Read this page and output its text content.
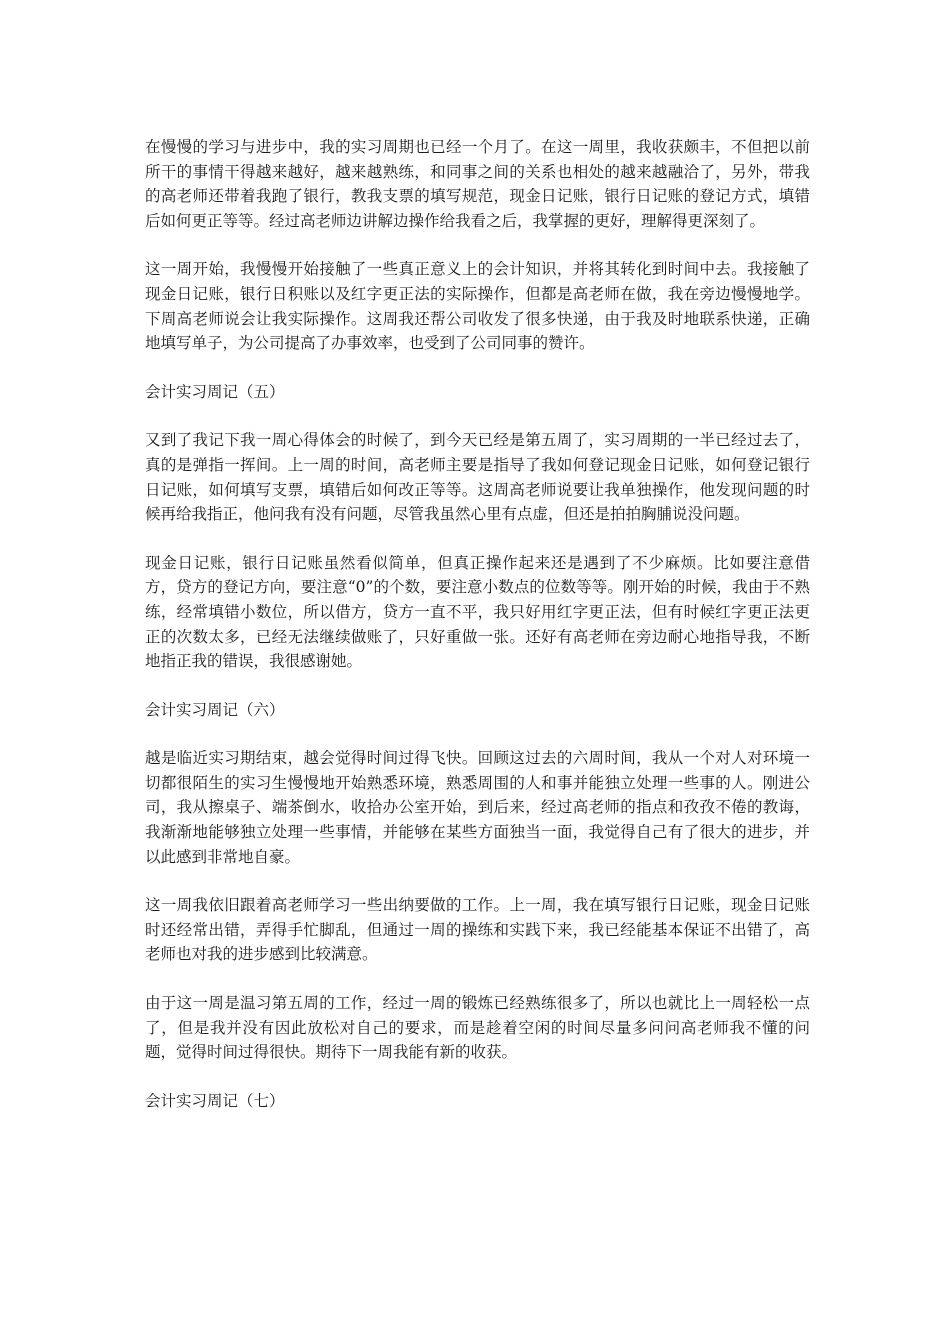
在慢慢的学习与进步中，我的实习周期也已经一个月了。在这一周里，我收获颇丰，不但把以前所干的事情干得越来越好，越来越熟练，和同事之间的关系也相处的越来越融洽了，另外，带我的高老师还带着我跑了银行，教我支票的填写规范，现金日记账，银行日记账的登记方式，填错后如何更正等等。经过高老师边讲解边操作给我看之后，我掌握的更好，理解得更深刻了。

这一周开始，我慢慢开始接触了一些真正意义上的会计知识，并将其转化到时间中去。我接触了现金日记账，银行日积账以及红字更正法的实际操作，但都是高老师在做，我在旁边慢慢地学。下周高老师说会让我实际操作。这周我还帮公司收发了很多快递，由于我及时地联系快递，正确地填写单子，为公司提高了办事效率，也受到了公司同事的赞许。

会计实习周记（五）

又到了我记下我一周心得体会的时候了，到今天已经是第五周了，实习周期的一半已经过去了，真的是弹指一挥间。上一周的时间，高老师主要是指导了我如何登记现金日记账，如何登记银行日记账，如何填写支票，填错后如何改正等等。这周高老师说要让我单独操作，他发现问题的时候再给我指正，他问我有没有问题，尽管我虽然心里有点虚，但还是拍拍胸脯说没问题。

现金日记账，银行日记账虽然看似简单，但真正操作起来还是遇到了不少麻烦。比如要注意借方，贷方的登记方向，要注意“0”的个数，要注意小数点的位数等等。刚开始的时候，我由于不熟练，经常填错小数位，所以借方，贷方一直不平，我只好用红字更正法，但有时候红字更正法更正的次数太多，已经无法继续做账了，只好重做一张。还好有高老师在旁边耐心地指导我，不断地指正我的错误，我很感谢她。

会计实习周记（六）

越是临近实习期结束，越会觉得时间过得飞快。回顾这过去的六周时间，我从一个对人对环境一切都很陌生的实习生慢慢地开始熟悉环境，熟悉周围的人和事并能独立处理一些事的人。刚进公司，我从擦桌子、端茶倒水，收拾办公室开始，到后来，经过高老师的指点和孜孜不倦的教诲，我渐渐地能够独立处理一些事情，并能够在某些方面独当一面，我觉得自己有了很大的进步，并以此感到非常地自豪。

这一周我依旧跟着高老师学习一些出纳要做的工作。上一周，我在填写银行日记账，现金日记账时还经常出错，弄得手忙脚乱，但通过一周的操练和实践下来，我已经能基本保证不出错了，高老师也对我的进步感到比较满意。

由于这一周是温习第五周的工作，经过一周的锻炼已经熟练很多了，所以也就比上一周轻松一点了，但是我并没有因此放松对自己的要求，而是趁着空闲的时间尽量多问问高老师我不懂的问题，觉得时间过得很快。期待下一周我能有新的收获。

会计实习周记（七）
